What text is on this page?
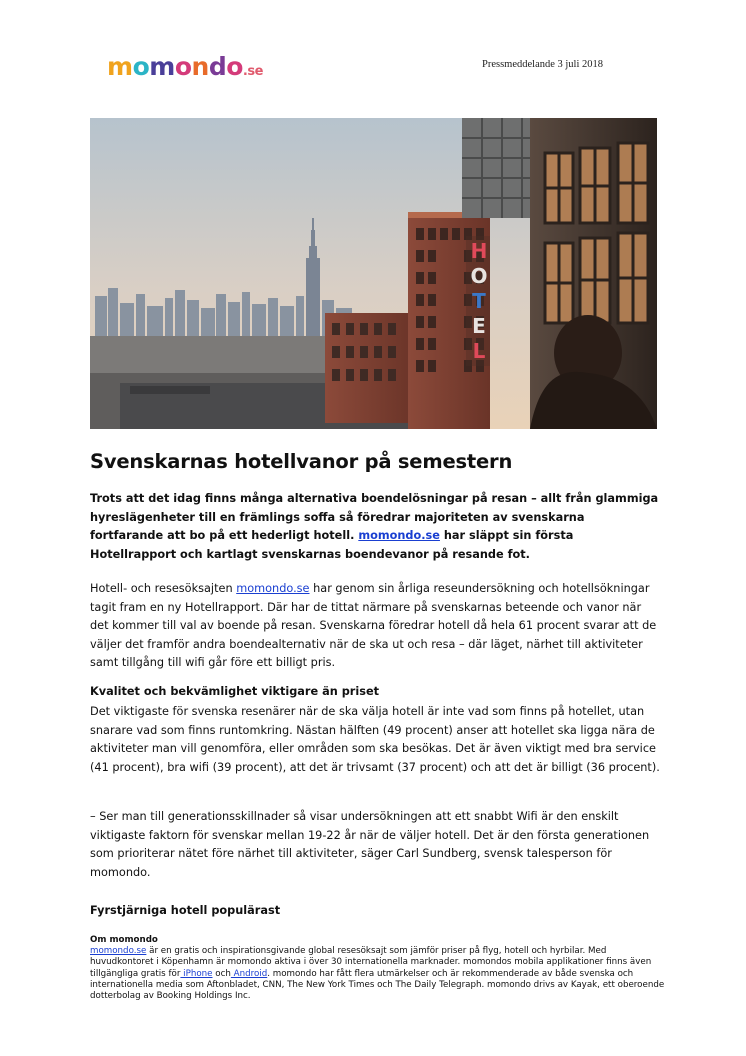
momondo.se	Pressmeddelande 3 juli 2018
H
O
T
E
L
Svenskarnas hotellvanor på semestern

Trots att det idag finns många alternativa boendelösningar på resan – allt från glammiga hyreslägenheter till en främlings soffa så föredrar majoriteten av svenskarna fortfarande att bo på ett hederligt hotell. momondo.se har släppt sin första Hotellrapport och kartlagt svenskarnas boendevanor på resande fot.

Hotell- och resesöksajten momondo.se har genom sin årliga reseundersökning och hotellsökningar tagit fram en ny Hotellrapport. Där har de tittat närmare på svenskarnas beteende och vanor när det kommer till val av boende på resan. Svenskarna föredrar hotell då hela 61 procent svarar att de väljer det framför andra boendealternativ när de ska ut och resa – där läget, närhet till aktiviteter samt tillgång till wifi går före ett billigt pris.

Kvalitet och bekvämlighet viktigare än priset

Det viktigaste för svenska resenärer när de ska välja hotell är inte vad som finns på hotellet, utan snarare vad som finns runtomkring. Nästan hälften (49 procent) anser att hotellet ska ligga nära de aktiviteter man vill genomföra, eller områden som ska besökas. Det är även viktigt med bra service (41 procent), bra wifi (39 procent), att det är trivsamt (37 procent) och att det är billigt (36 procent).

– Ser man till generationsskillnader så visar undersökningen att ett snabbt Wifi är den enskilt viktigaste faktorn för svenskar mellan 19-22 år när de väljer hotell. Det är den första generationen som prioriterar nätet före närhet till aktiviteter, säger Carl Sundberg, svensk talesperson för momondo.

Fyrstjärniga hotell populärast

Om momondo
momondo.se är en gratis och inspirationsgivande global resesöksajt som jämför priser på flyg, hotell och hyrbilar. Med huvudkontoret i Köpenhamn är momondo aktiva i över 30 internationella marknader. momondos mobila applikationer finns även tillgängliga gratis för iPhone och Android. momondo har fått flera utmärkelser och är rekommenderade av både svenska och internationella media som Aftonbladet, CNN, The New York Times och The Daily Telegraph. momondo drivs av Kayak, ett oberoende dotterbolag av Booking Holdings Inc.
